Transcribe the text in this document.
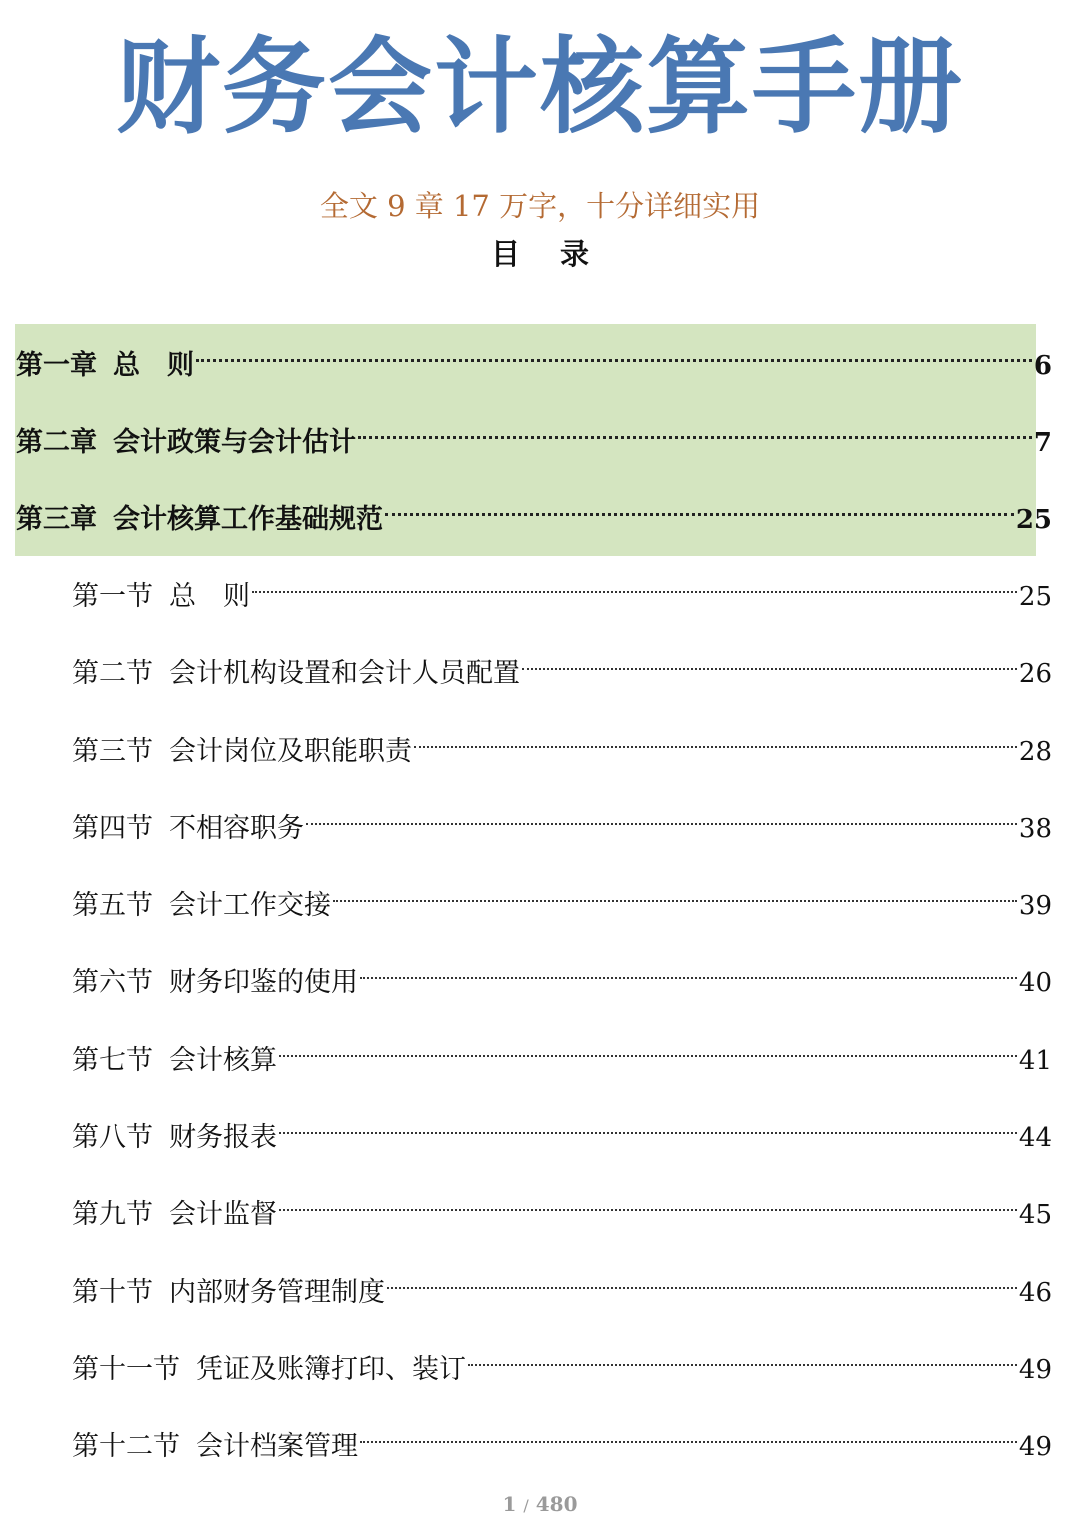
财务会计核算手册
全文 9 章 17 万字，十分详细实用
目录
第一章 总　则	6
第二章 会计政策与会计估计	7
第三章 会计核算工作基础规范	25
第一节 总　则	25
第二节 会计机构设置和会计人员配置	26
第三节 会计岗位及职能职责	28
第四节 不相容职务	38
第五节 会计工作交接	39
第六节 财务印鉴的使用	40
第七节 会计核算	41
第八节 财务报表	44
第九节 会计监督	45
第十节 内部财务管理制度	46
第十一节 凭证及账簿打印、装订	49
第十二节 会计档案管理	49
1 / 480
